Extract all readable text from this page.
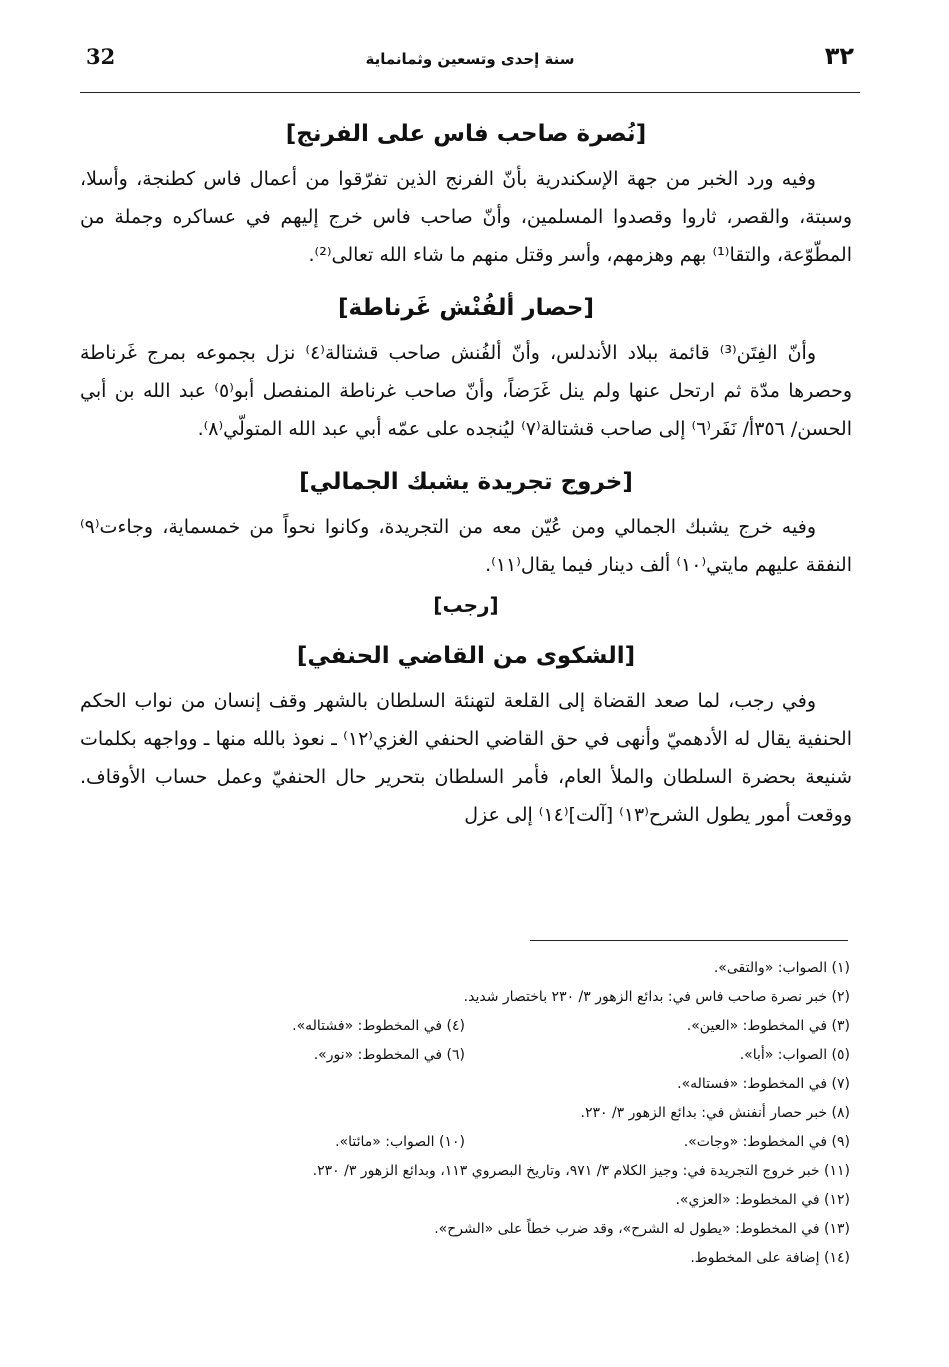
32	سنة إحدى وتسعين وثمانماية	٣٢
[نُصرة صاحب فاس على الفرنج]

وفيه ورد الخبر من جهة الإسكندرية بأنّ الفرنج الذين تفرّقوا من أعمال فاس كطنجة، وأسلا، وسبتة، والقصر، ثاروا وقصدوا المسلمين، وأنّ صاحب فاس خرج إليهم في عساكره وجملة من المطّوّعة، والتقا⁽¹⁾ بهم وهزمهم، وأسر وقتل منهم ما شاء الله تعالى⁽²⁾.

[حصار ألفُنْش غَرناطة]

وأنّ الفِتَن⁽³⁾ قائمة ببلاد الأندلس، وأنّ ألفُنش صاحب قشتالة⁽٤⁾ نزل بجموعه بمرج غَرناطة وحصرها مدّة ثم ارتحل عنها ولم ينل غَرَضاً، وأنّ صاحب غرناطة المنفصل أبو⁽٥⁾ عبد الله بن أبي الحسن/ ٣٥٦أ/ نَفَر⁽٦⁾ إلى صاحب قشتالة⁽٧⁾ ليُنجده على عمّه أبي عبد الله المتولّي⁽٨⁾.

[خروج تجريدة يشبك الجمالي]

وفيه خرج يشبك الجمالي ومن عُيّن معه من التجريدة، وكانوا نحواً من خمسماية، وجاءت⁽٩⁾ النفقة عليهم مايتي⁽١٠⁾ ألف دينار فيما يقال⁽١١⁾.

[رجب]
[الشكوى من القاضي الحنفي]

وفي رجب، لما صعد القضاة إلى القلعة لتهنئة السلطان بالشهر وقف إنسان من نواب الحكم الحنفية يقال له الأدهميّ وأنهى في حق القاضي الحنفي الغزي⁽١٢⁾ ـ نعوذ بالله منها ـ وواجهه بكلمات شنيعة بحضرة السلطان والملأ العام، فأمر السلطان بتحرير حال الحنفيّ وعمل حساب الأوقاف. ووقعت أمور يطول الشرح⁽١٣⁾ [آلت]⁽١٤⁾ إلى عزل

(١) الصواب: «والتقى».
(٢) خبر نصرة صاحب فاس في: بدائع الزهور ٣/ ٢٣٠ باختصار شديد.
(٣) في المخطوط: «العين».
(٤) في المخطوط: «فشتاله».
(٥) الصواب: «أبا».
(٦) في المخطوط: «نور».
(٧) في المخطوط: «فستاله».
(٨) خبر حصار أنفنش في: بدائع الزهور ٣/ ٢٣٠.
(٩) في المخطوط: «وجات».
(١٠) الصواب: «مائتا».
(١١) خبر خروج التجريدة في: وجيز الكلام ٣/ ٩٧١، وتاريخ البصروي ١١٣، وبدائع الزهور ٣/ ٢٣٠.
(١٢) في المخطوط: «العزي».
(١٣) في المخطوط: «يطول له الشرح»، وقد ضرب خطاً على «الشرح».
(١٤) إضافة على المخطوط.
